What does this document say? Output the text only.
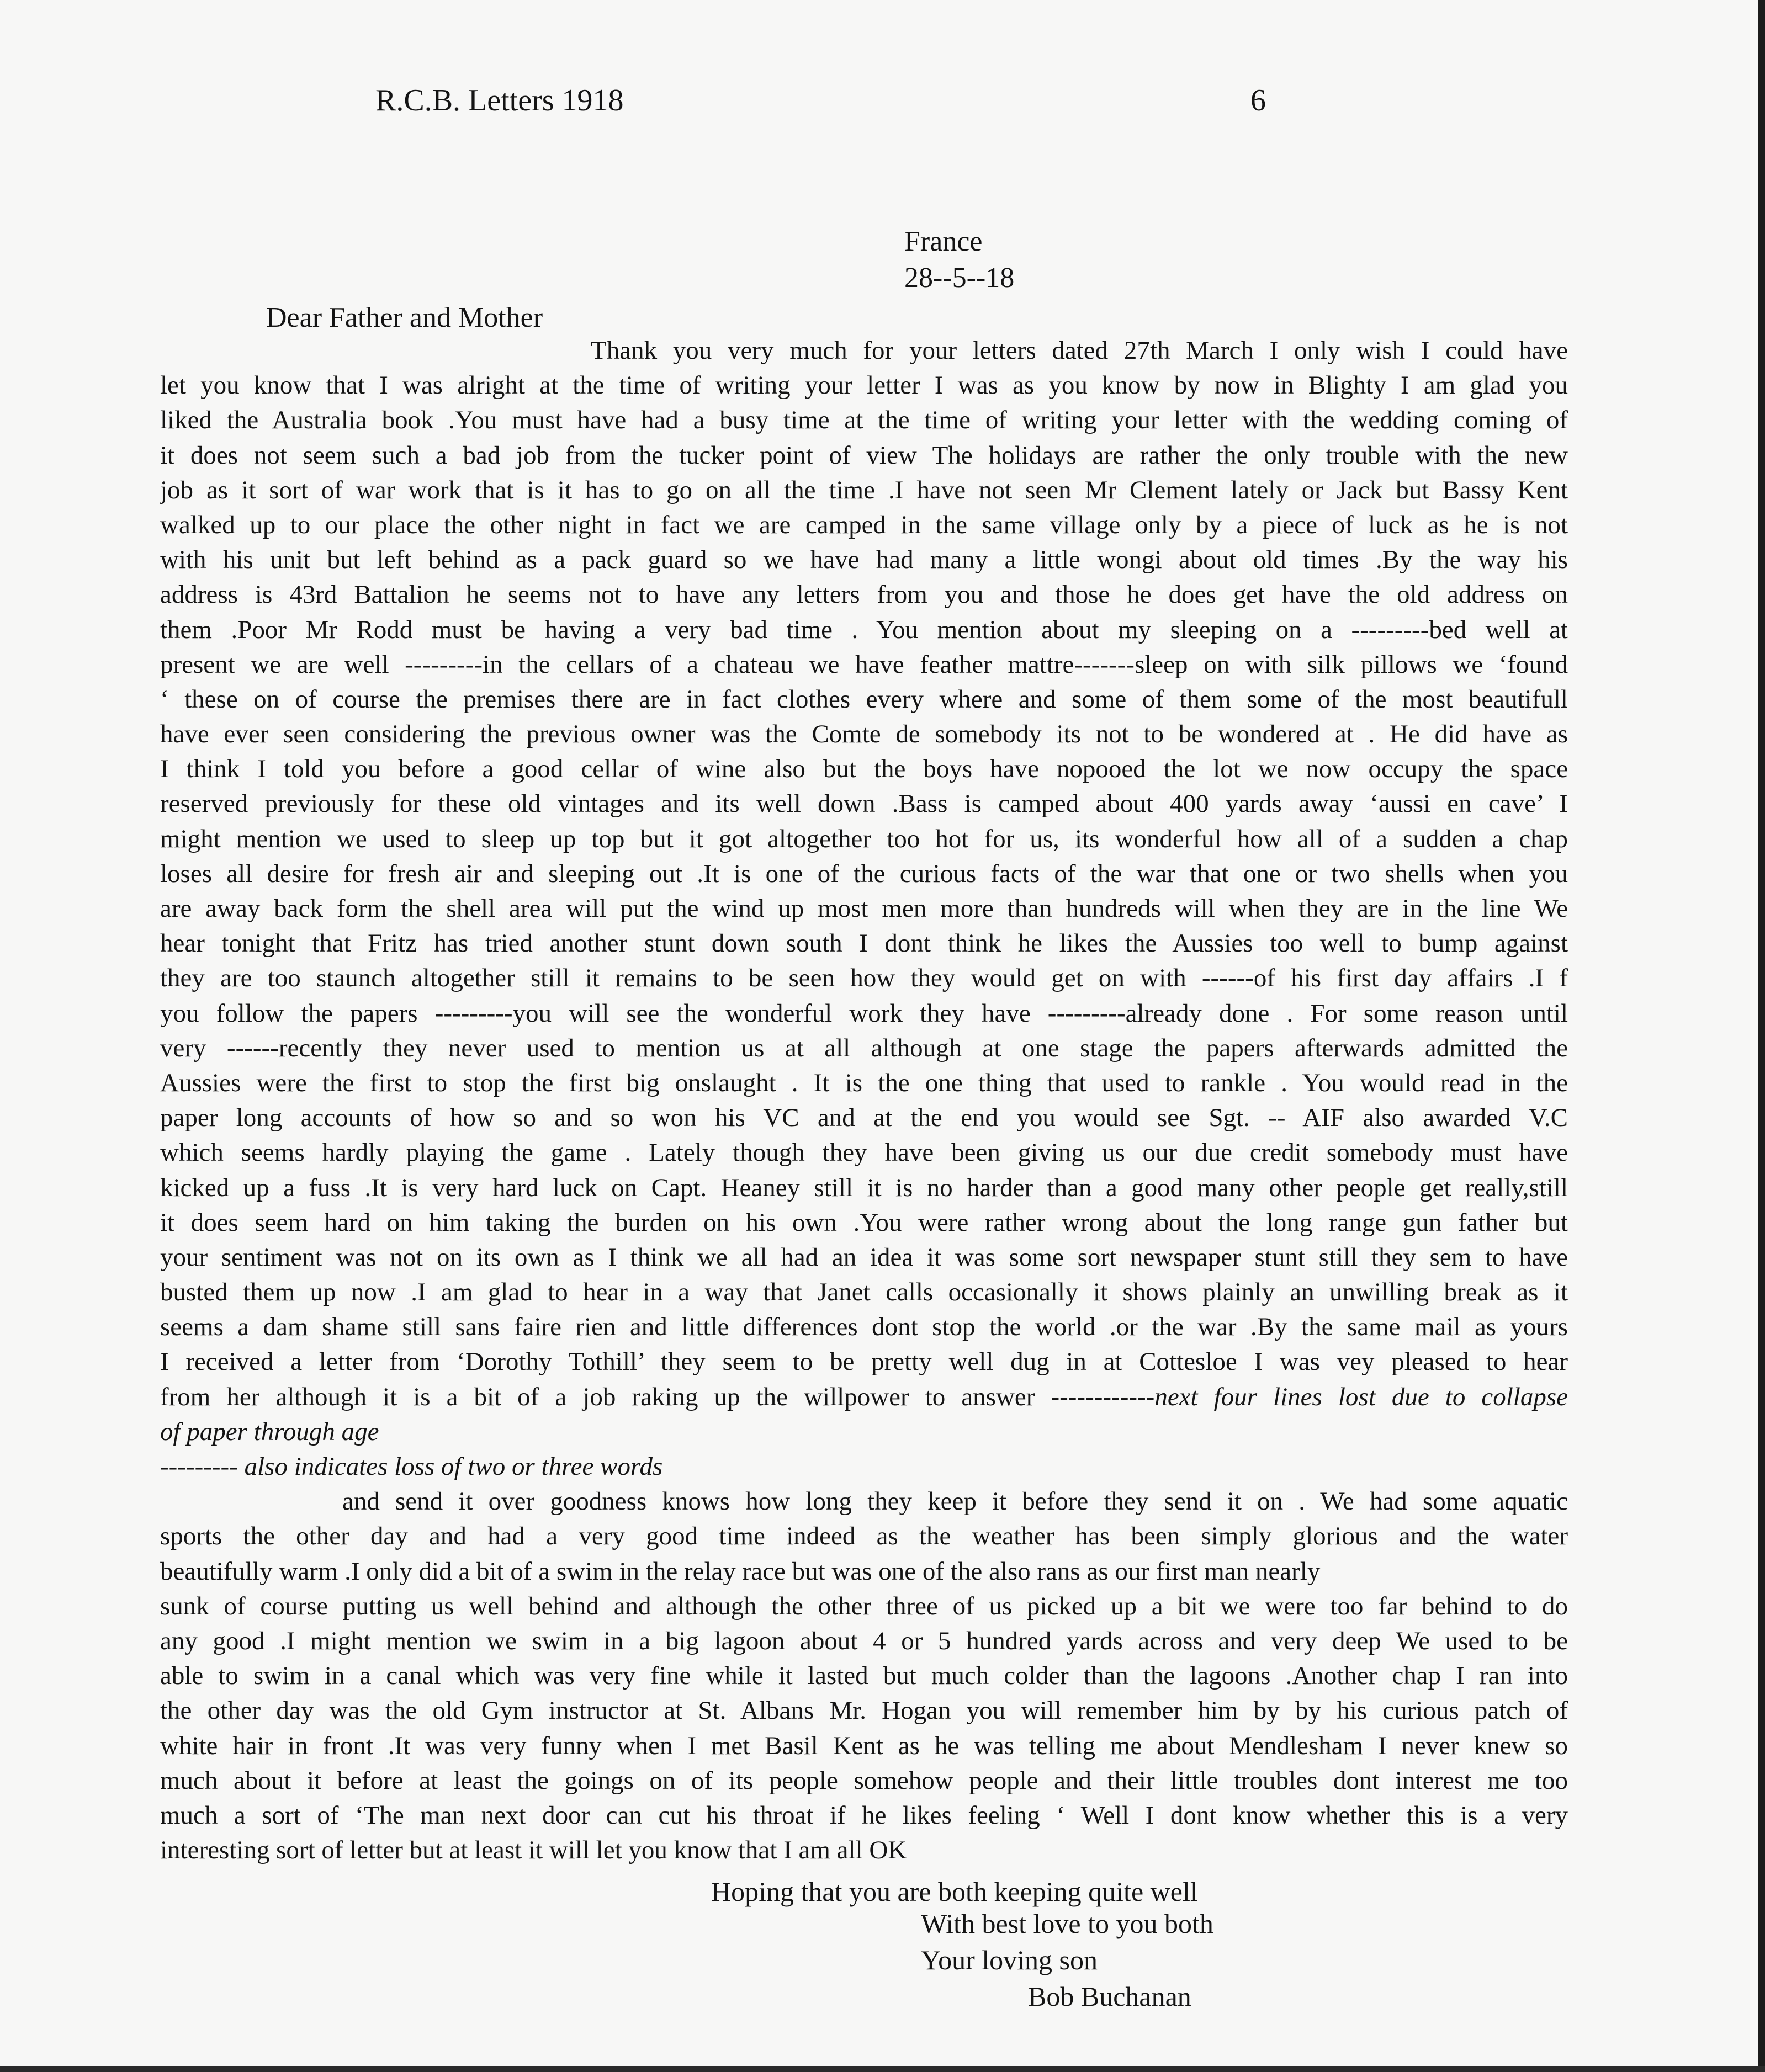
R.C.B. Letters 1918	6
France
28--5--18
Dear Father and Mother
Thank you very much for your letters dated 27th March I only wish I could have
let you know that I was alright at the time of writing your letter I was as you know by now in Blighty I am glad you
liked the Australia book .You must have had a busy time at the time of writing your letter with the wedding coming of
it does not seem such a bad job from the tucker point of view The holidays are rather the only trouble with the new
job as it sort of war work that is it has to go on all the time .I have not seen Mr Clement lately or Jack but Bassy Kent
walked up to our place the other night in fact we are camped in the same village only by a piece of luck as he is not
with his unit but left behind as a pack guard so we have had many a little wongi about old times .By the way his
address is 43rd Battalion he seems not to have any letters from you and those he does get have the old address on
them .Poor Mr Rodd must be having a very bad time . You mention about my sleeping on a ---------bed well at
present we are well ---------in the cellars of a chateau we have feather mattre-------sleep on with silk pillows we ‘found
‘ these on of course the premises there are in fact clothes every where and some of them some of the most beautifull
have ever seen considering the previous owner was the Comte de somebody its not to be wondered at . He did have as
I think I told you before a good cellar of wine also but the boys have nopooed the lot we now occupy the space
reserved previously for these old vintages and its well down .Bass is camped about 400 yards away ‘aussi en cave’ I
might mention we used to sleep up top but it got altogether too hot for us, its wonderful how all of a sudden a chap
loses all desire for fresh air and sleeping out .It is one of the curious facts of the war that one or two shells when you
are away back form the shell area will put the wind up most men more than hundreds will when they are in the line We
hear tonight that Fritz has tried another stunt down south I dont think he likes the Aussies too well to bump against
they are too staunch altogether still it remains to be seen how they would get on with ------of his first day affairs .I f
you follow the papers ---------you will see the wonderful work they have ---------already done . For some reason until
very ------recently they never used to mention us at all although at one stage the papers afterwards admitted the
Aussies were the first to stop the first big onslaught . It is the one thing that used to rankle . You would read in the
paper long accounts of how so and so won his VC and at the end you would see Sgt. -- AIF also awarded V.C
which seems hardly playing the game . Lately though they have been giving us our due credit somebody must have
kicked up a fuss .It is very hard luck on Capt. Heaney still it is no harder than a good many other people get really,still
it does seem hard on him taking the burden on his own .You were rather wrong about the long range gun father but
your sentiment was not on its own as I think we all had an idea it was some sort newspaper stunt still they sem to have
busted them up now .I am glad to hear in a way that Janet calls occasionally it shows plainly an unwilling break as it
seems a dam shame still sans faire rien and little differences dont stop the world .or the war .By the same mail as yours
I received a letter from ‘Dorothy Tothill’ they seem to be pretty well dug in at Cottesloe I was vey pleased to hear
from her although it is a bit of a job raking up the willpower to answer ------------next four lines lost due to collapse
of paper through age
--------- also indicates loss of two or three words
and send it over goodness knows how long they keep it before they send it on . We had some aquatic
sports the other day and had a very good time indeed as the weather has been simply glorious and the water
beautifully warm .I only did a bit of a swim in the relay race but was one of the also rans as our first man nearly
sunk of course putting us well behind and although the other three of us picked up a bit we were too far behind to do
any good .I might mention we swim in a big lagoon about 4 or 5 hundred yards across and very deep We used to be
able to swim in a canal which was very fine while it lasted but much colder than the lagoons .Another chap I ran into
the other day was the old Gym instructor at St. Albans Mr. Hogan you will remember him by by his curious patch of
white hair in front .It was very funny when I met Basil Kent as he was telling me about Mendlesham I never knew so
much about it before at least the goings on of its people somehow people and their little troubles dont interest me too
much a sort of ‘The man next door can cut his throat if he likes feeling ‘ Well I dont know whether this is a very
interesting sort of letter but at least it will let you know that I am all OK
Hoping that you are both keeping quite well
With best love to you both
Your loving son
Bob Buchanan
